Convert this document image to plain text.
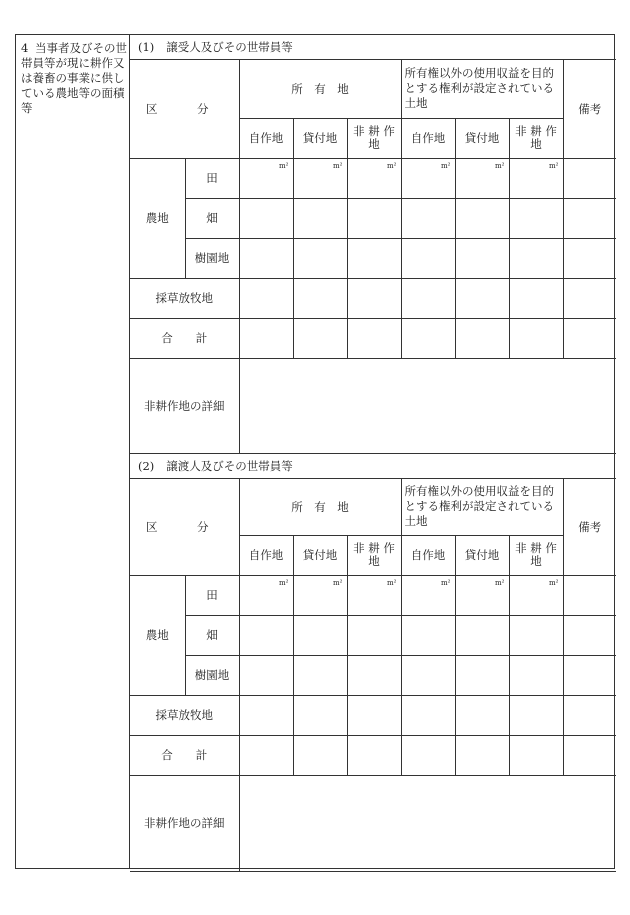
4 当事者及びその世帯員等が現に耕作又は養畜の事業に供している農地等の面積等
(1) 譲受人及びその世帯員等
区　分		所　有　地			所有権以外の使用収益を目的とする権利が設定されている土地			備考
		自作地	貸付地	非 耕 作地	自作地	貸付地	非 耕 作地	
農地	田	m²	m²	m²	m²	m²	m²	

	畑							
	樹園地							
採草放牧地								
合　　計								
非耕作地の詳細								
(2) 譲渡人及びその世帯員等
区　分		所　有　地			所有権以外の使用収益を目的とする権利が設定されている土地			備考
		自作地	貸付地	非 耕 作地	自作地	貸付地	非 耕 作地	
農地	田	m²	m²	m²	m²	m²	m²	

	畑							
	樹園地							
採草放牧地								
合　　計								
非耕作地の詳細								
